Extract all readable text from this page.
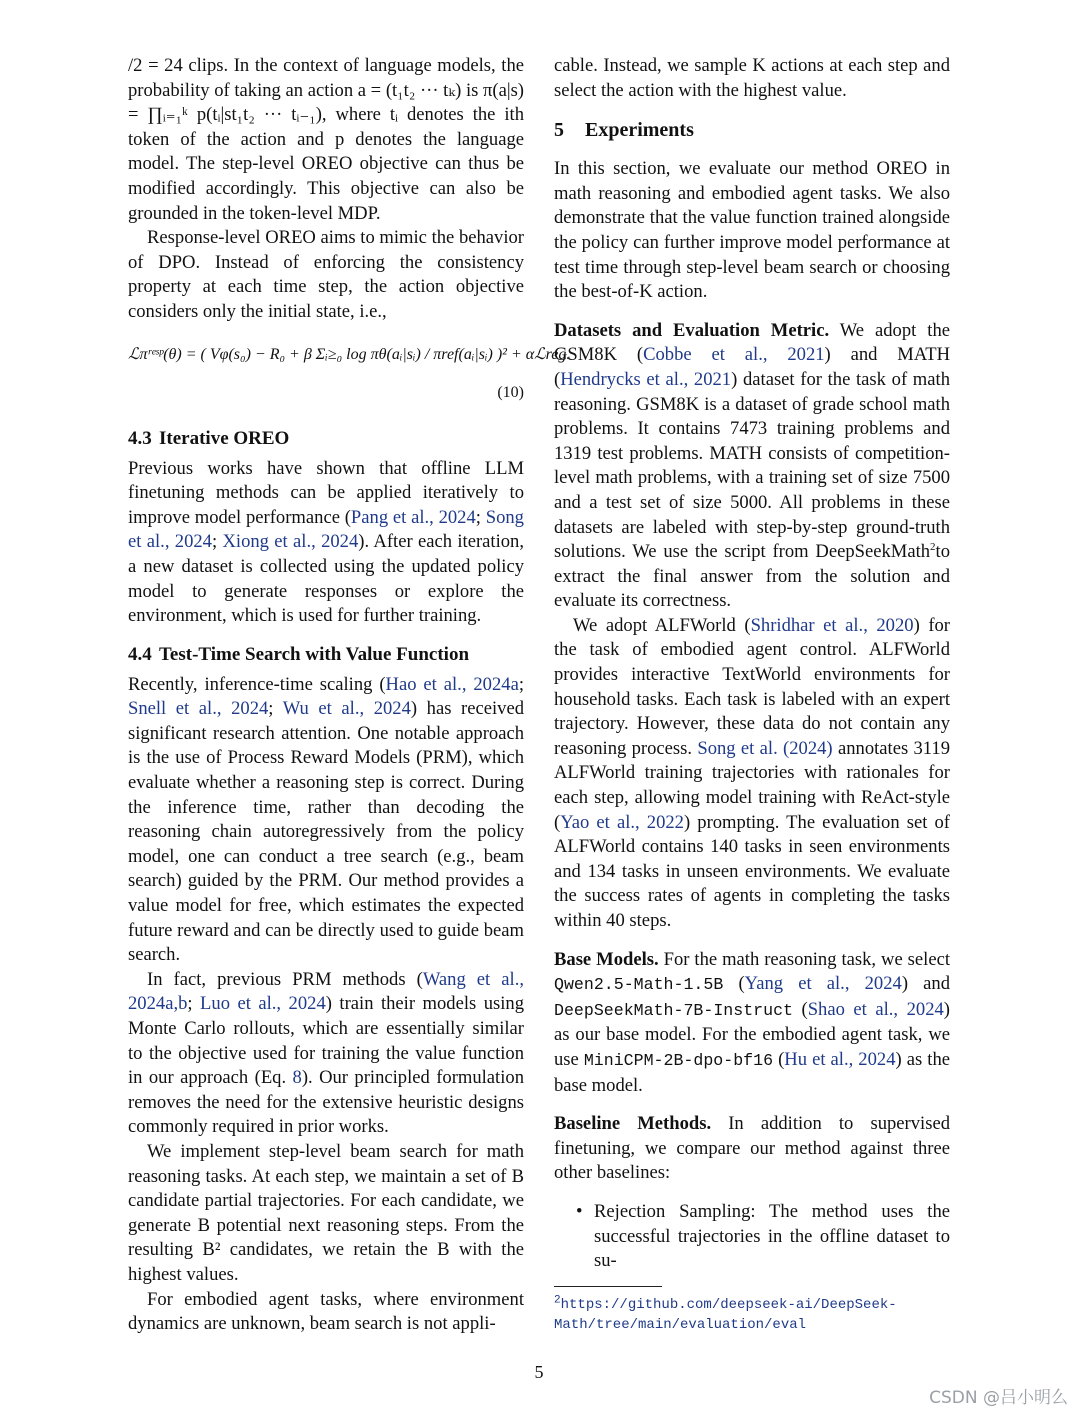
/2 = 24 clips. In the context of language models, the probability of taking an action a = (t₁t₂ ··· tₖ) is π(a|s) = ∏ᵢ₌₁ᵏ p(tᵢ|st₁t₂ ··· tᵢ₋₁), where tᵢ denotes the ith token of the action and p denotes the language model. The step-level OREO objective can thus be modified accordingly. This objective can also be grounded in the token-level MDP.

Response-level OREO aims to mimic the behavior of DPO. Instead of enforcing the consistency property at each time step, the action objective considers only the initial state, i.e.,

ℒπʳᵉˢᵖ(θ) = ( Vφ(s₀) − R₀ + β Σᵢ≥₀ log πθ(aᵢ|sᵢ) / πref(aᵢ|sᵢ) )² + αℒreg.
(10)
4.3 Iterative OREO

Previous works have shown that offline LLM finetuning methods can be applied iteratively to improve model performance (Pang et al., 2024; Song et al., 2024; Xiong et al., 2024). After each iteration, a new dataset is collected using the updated policy model to generate responses or explore the environment, which is used for further training.

4.4 Test-Time Search with Value Function

Recently, inference-time scaling (Hao et al., 2024a; Snell et al., 2024; Wu et al., 2024) has received significant research attention. One notable approach is the use of Process Reward Models (PRM), which evaluate whether a reasoning step is correct. During the inference time, rather than decoding the reasoning chain autoregressively from the policy model, one can conduct a tree search (e.g., beam search) guided by the PRM. Our method provides a value model for free, which estimates the expected future reward and can be directly used to guide beam search.

In fact, previous PRM methods (Wang et al., 2024a,b; Luo et al., 2024) train their models using Monte Carlo rollouts, which are essentially similar to the objective used for training the value function in our approach (Eq. 8). Our principled formulation removes the need for the extensive heuristic designs commonly required in prior works.

We implement step-level beam search for math reasoning tasks. At each step, we maintain a set of B candidate partial trajectories. For each candidate, we generate B potential next reasoning steps. From the resulting B² candidates, we retain the B with the highest values.

For embodied agent tasks, where environment dynamics are unknown, beam search is not appli-

cable. Instead, we sample K actions at each step and select the action with the highest value.

5 Experiments

In this section, we evaluate our method OREO in math reasoning and embodied agent tasks. We also demonstrate that the value function trained alongside the policy can further improve model performance at test time through step-level beam search or choosing the best-of-K action.

Datasets and Evaluation Metric. We adopt the GSM8K (Cobbe et al., 2021) and MATH (Hendrycks et al., 2021) dataset for the task of math reasoning. GSM8K is a dataset of grade school math problems. It contains 7473 training problems and 1319 test problems. MATH consists of competition-level math problems, with a training set of size 7500 and a test set of size 5000. All problems in these datasets are labeled with step-by-step ground-truth solutions. We use the script from DeepSeekMath$^2$to extract the final answer from the solution and evaluate its correctness.

We adopt ALFWorld (Shridhar et al., 2020) for the task of embodied agent control. ALFWorld provides interactive TextWorld environments for household tasks. Each task is labeled with an expert trajectory. However, these data do not contain any reasoning process. Song et al. (2024) annotates 3119 ALFWorld training trajectories with rationales for each step, allowing model training with ReAct-style (Yao et al., 2022) prompting. The evaluation set of ALFWorld contains 140 tasks in seen environments and 134 tasks in unseen environments. We evaluate the success rates of agents in completing the tasks within 40 steps.

Base Models. For the math reasoning task, we select Qwen2.5-Math-1.5B (Yang et al., 2024) and DeepSeekMath-7B-Instruct (Shao et al., 2024) as our base model. For the embodied agent task, we use MiniCPM-2B-dpo-bf16 (Hu et al., 2024) as the base model.

Baseline Methods. In addition to supervised finetuning, we compare our method against three other baselines:

• Rejection Sampling: The method uses the successful trajectories in the offline dataset to su-
$^2$https://github.com/deepseek-ai/DeepSeek-Math/tree/main/evaluation/eval
5
CSDN @吕小明么
